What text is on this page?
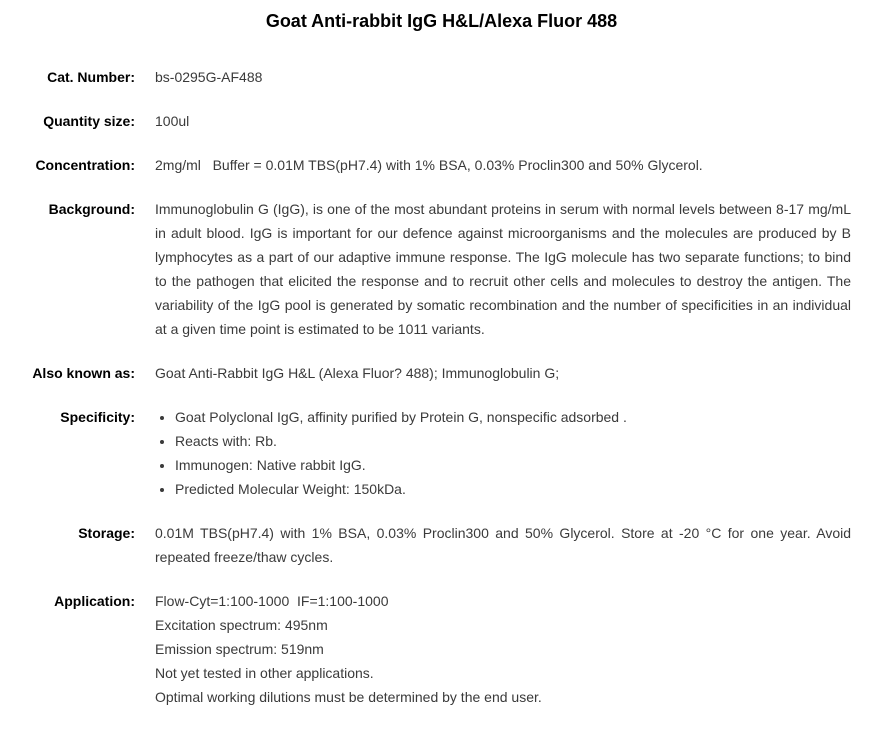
Goat Anti-rabbit IgG H&L/Alexa Fluor 488
Cat. Number: bs-0295G-AF488
Quantity size: 100ul
Concentration: 2mg/ml   Buffer = 0.01M TBS(pH7.4) with 1% BSA, 0.03% Proclin300 and 50% Glycerol.
Background: Immunoglobulin G (IgG), is one of the most abundant proteins in serum with normal levels between 8-17 mg/mL in adult blood. IgG is important for our defence against microorganisms and the molecules are produced by B lymphocytes as a part of our adaptive immune response. The IgG molecule has two separate functions; to bind to the pathogen that elicited the response and to recruit other cells and molecules to destroy the antigen. The variability of the IgG pool is generated by somatic recombination and the number of specificities in an individual at a given time point is estimated to be 1011 variants.
Also known as: Goat Anti-Rabbit IgG H&L (Alexa Fluor? 488); Immunoglobulin G;
Specificity:	• Goat Polyclonal IgG, affinity purified by Protein G, nonspecific adsorbed .
• Reacts with: Rb.
• Immunogen: Native rabbit IgG.
• Predicted Molecular Weight: 150kDa.
Storage: 0.01M TBS(pH7.4) with 1% BSA, 0.03% Proclin300 and 50% Glycerol. Store at -20 °C for one year. Avoid repeated freeze/thaw cycles.
Application: Flow-Cyt=1:100-1000  IF=1:100-1000
Excitation spectrum: 495nm
Emission spectrum: 519nm
Not yet tested in other applications.
Optimal working dilutions must be determined by the end user.
